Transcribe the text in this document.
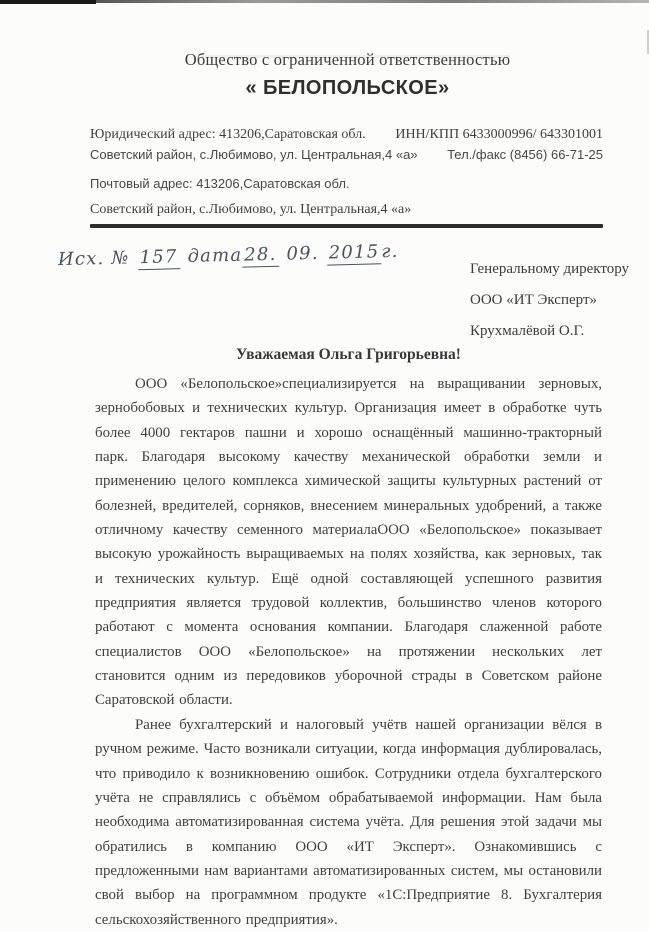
Общество с ограниченной ответственностью
« БЕЛОПОЛЬСКОЕ»
Юридический адрес: 413206,Саратовская обл.
Советский район, с.Любимово, ул. Центральная,4 «а»
ИНН/КПП 6433000996/ 643301001
Тел./факс (8456) 66-71-25
Почтовый адрес: 413206,Саратовская обл.
Советский район, с.Любимово, ул. Центральная,4 «а»
Исх. № 157 дата28. 09. 2015г.
Генеральному директору
ООО «ИТ Эксперт»
Крухмалёвой О.Г.
Уважаемая Ольга Григорьевна!

ООО «Белопольское»специализируется на выращивании зерновых, зернобобовых и технических культур. Организация имеет в обработке чуть более 4000 гектаров пашни и хорошо оснащённый машинно-тракторный парк. Благодаря высокому качеству механической обработки земли и применению целого комплекса химической защиты культурных растений от болезней, вредителей, сорняков, внесением минеральных удобрений, а также отличному качеству семенного материалаООО «Белопольское» показывает высокую урожайность выращиваемых на полях хозяйства, как зерновых, так и технических культур. Ещё одной составляющей успешного развития предприятия является трудовой коллектив, большинство членов которого работают с момента основания компании. Благодаря слаженной работе специалистов ООО «Белопольское» на протяжении нескольких лет становится одним из передовиков уборочной страды в Советском районе Саратовской области.

Ранее бухгалтерский и налоговый учётв нашей организации вёлся в ручном режиме. Часто возникали ситуации, когда информация дублировалась, что приводило к возникновению ошибок. Сотрудники отдела бухгалтерского учёта не справлялись с объёмом обрабатываемой информации. Нам была необходима автоматизированная система учёта. Для решения этой задачи мы обратились в компанию ООО «ИТ Эксперт». Ознакомившись с предложенными нам вариантами автоматизированных систем, мы остановили свой выбор на программном продукте «1С:Предприятие 8. Бухгалтерия сельскохозяйственного предприятия».
